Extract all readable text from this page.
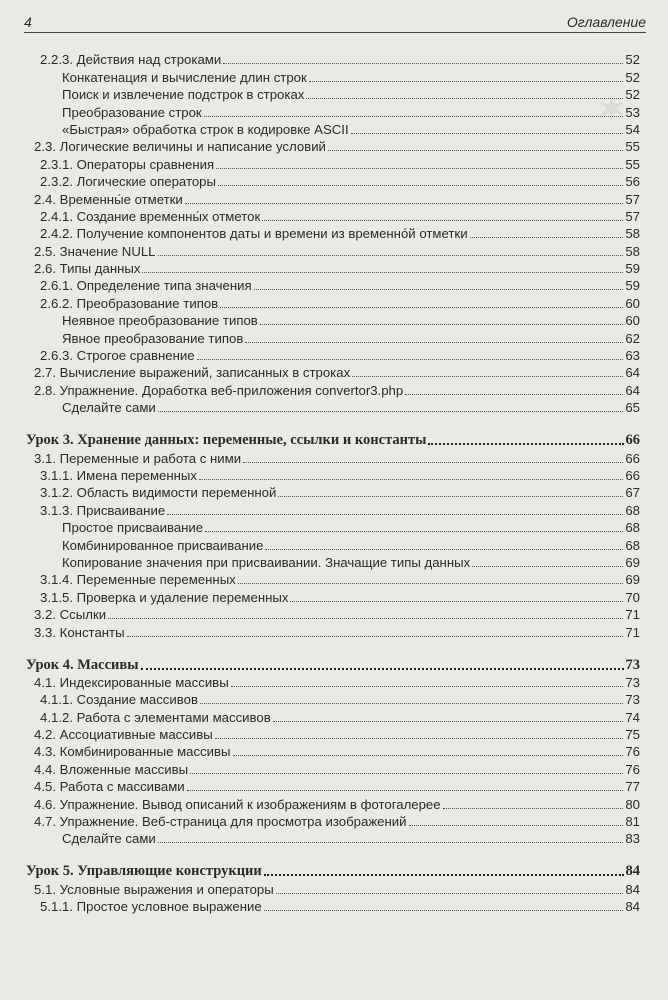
✶
4	Оглавление
2.2.3. Действия над строками	52
Конкатенация и вычисление длин строк	52
Поиск и извлечение подстрок в строках	52
Преобразование строк	53
«Быстрая» обработка строк в кодировке ASCII	54
2.3. Логические величины и написание условий	55
2.3.1. Операторы сравнения	55
2.3.2. Логические операторы	56
2.4. Временны́е отметки	57
2.4.1. Создание временны́х отметок	57
2.4.2. Получение компонентов даты и времени из временно́й отметки	58
2.5. Значение NULL	58
2.6. Типы данных	59
2.6.1. Определение типа значения	59
2.6.2. Преобразование типов	60
Неявное преобразование типов	60
Явное преобразование типов	62
2.6.3. Строгое сравнение	63
2.7. Вычисление выражений, записанных в строках	64
2.8. Упражнение. Доработка веб-приложения convertor3.php	64
Сделайте сами	65
Урок 3. Хранение данных: переменные, ссылки и константы	66
3.1. Переменные и работа с ними	66
3.1.1. Имена переменных	66
3.1.2. Область видимости переменной	67
3.1.3. Присваивание	68
Простое присваивание	68
Комбинированное присваивание	68
Копирование значения при присваивании. Значащие типы данных	69
3.1.4. Переменные переменных	69
3.1.5. Проверка и удаление переменных	70
3.2. Ссылки	71
3.3. Константы	71
Урок 4. Массивы	73
4.1. Индексированные массивы	73
4.1.1. Создание массивов	73
4.1.2. Работа с элементами массивов	74
4.2. Ассоциативные массивы	75
4.3. Комбинированные массивы	76
4.4. Вложенные массивы	76
4.5. Работа с массивами	77
4.6. Упражнение. Вывод описаний к изображениям в фотогалерее	80
4.7. Упражнение. Веб-страница для просмотра изображений	81
Сделайте сами	83
Урок 5. Управляющие конструкции	84
5.1. Условные выражения и операторы	84
5.1.1. Простое условное выражение	84
